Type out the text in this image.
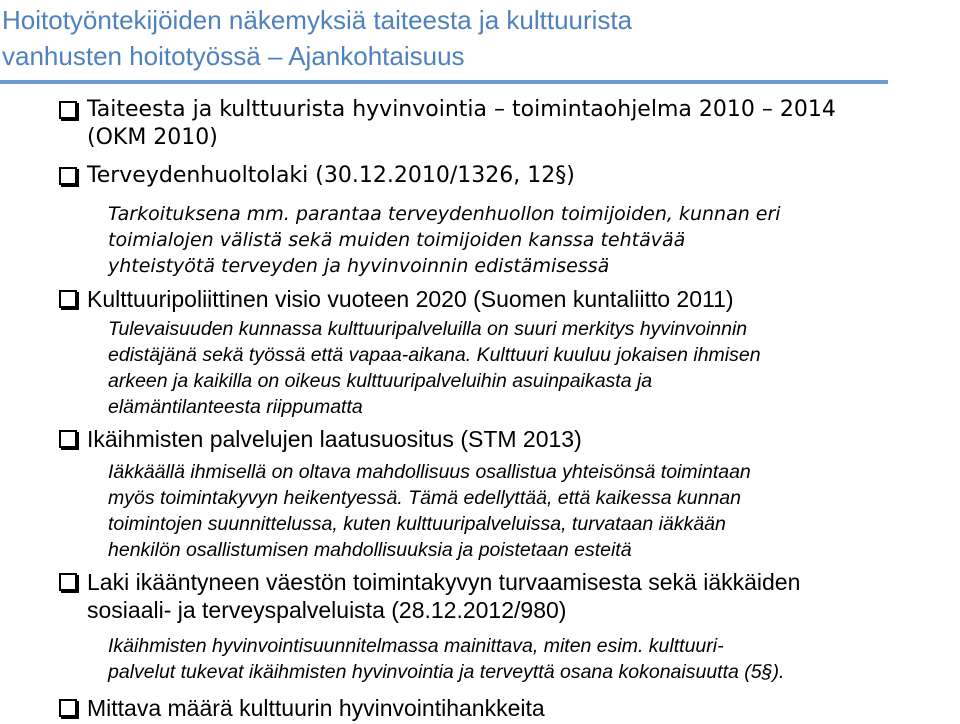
Hoitotyöntekijöiden näkemyksiä taiteesta ja kulttuurista
vanhusten hoitotyössä – Ajankohtaisuus
Taiteesta ja kulttuurista hyvinvointia – toimintaohjelma 2010 – 2014
(OKM 2010)
Terveydenhuoltolaki (30.12.2010/1326, 12§)
Tarkoituksena mm. parantaa terveydenhuollon toimijoiden, kunnan eri
toimialojen välistä sekä muiden toimijoiden kanssa tehtävää
yhteistyötä terveyden ja hyvinvoinnin edistämisessä
Kulttuuripoliittinen visio vuoteen 2020 (Suomen kuntaliitto 2011)
Tulevaisuuden kunnassa kulttuuripalveluilla on suuri merkitys hyvinvoinnin
edistäjänä sekä työssä että vapaa-aikana. Kulttuuri kuuluu jokaisen ihmisen
arkeen ja kaikilla on oikeus kulttuuripalveluihin asuinpaikasta ja
elämäntilanteesta riippumatta
Ikäihmisten palvelujen laatusuositus (STM 2013)
Iäkkäällä ihmisellä on oltava mahdollisuus osallistua yhteisönsä toimintaan
myös toimintakyvyn heikentyessä. Tämä edellyttää, että kaikessa kunnan
toimintojen suunnittelussa, kuten kulttuuripalveluissa, turvataan iäkkään
henkilön osallistumisen mahdollisuuksia ja poistetaan esteitä
Laki ikääntyneen väestön toimintakyvyn turvaamisesta sekä iäkkäiden
sosiaali- ja terveyspalveluista (28.12.2012/980)
Ikäihmisten hyvinvointisuunnitelmassa mainittava, miten esim. kulttuuri-
palvelut tukevat ikäihmisten hyvinvointia ja terveyttä osana kokonaisuutta (5§).
Mittava määrä kulttuurin hyvinvointihankkeita
